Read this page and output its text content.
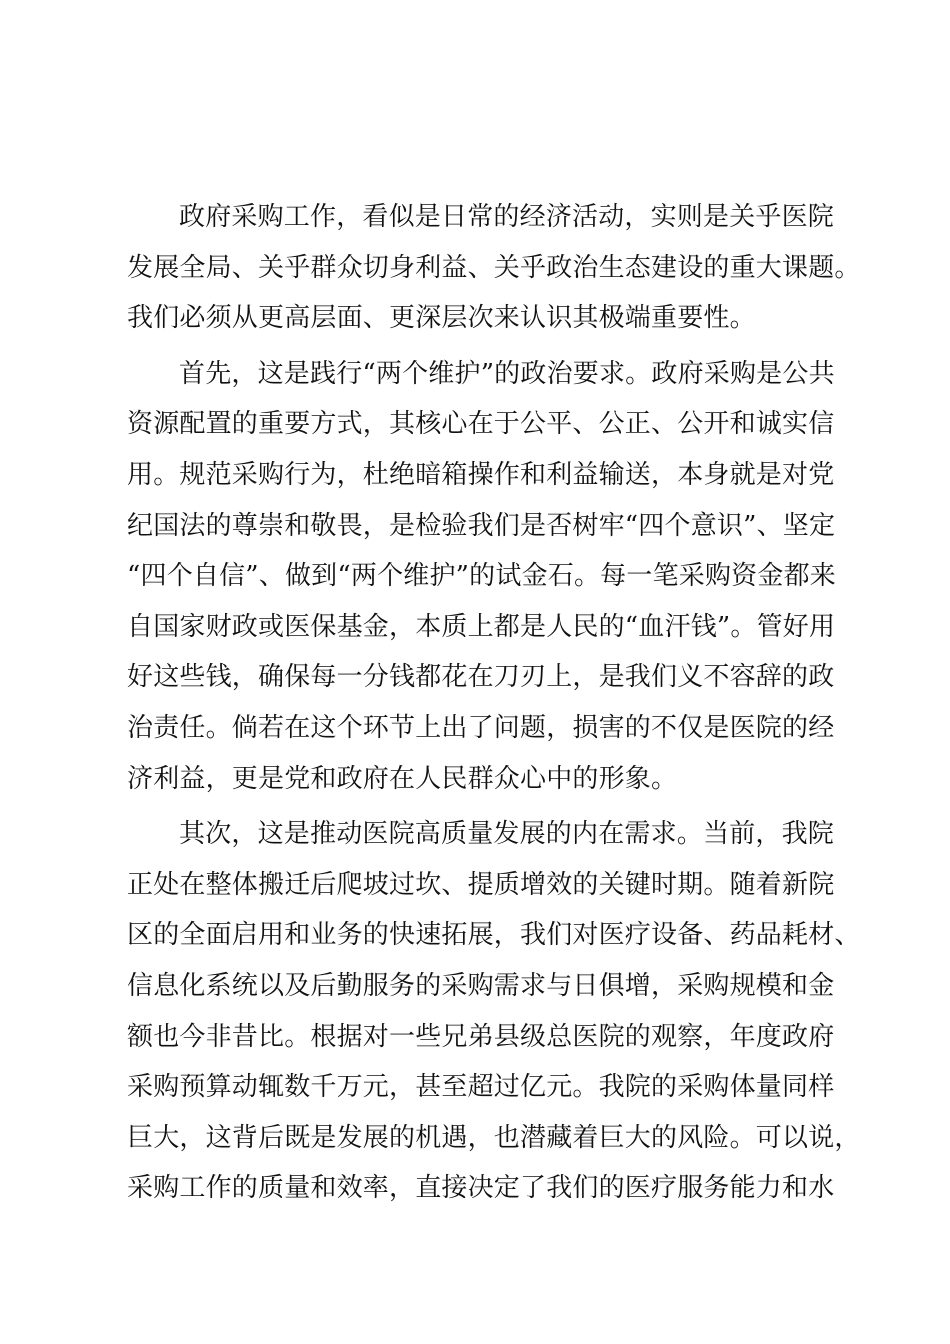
政府采购工作，看似是日常的经济活动，实则是关乎医院
发展全局、关乎群众切身利益、关乎政治生态建设的重大课题。
我们必须从更高层面、更深层次来认识其极端重要性。
首先，这是践行“两个维护”的政治要求。政府采购是公共
资源配置的重要方式，其核心在于公平、公正、公开和诚实信
用。规范采购行为，杜绝暗箱操作和利益输送，本身就是对党
纪国法的尊崇和敬畏，是检验我们是否树牢“四个意识”、坚定
“四个自信”、做到“两个维护”的试金石。每一笔采购资金都来
自国家财政或医保基金，本质上都是人民的“血汗钱”。管好用
好这些钱，确保每一分钱都花在刀刃上，是我们义不容辞的政
治责任。倘若在这个环节上出了问题，损害的不仅是医院的经
济利益，更是党和政府在人民群众心中的形象。
其次，这是推动医院高质量发展的内在需求。当前，我院
正处在整体搬迁后爬坡过坎、提质增效的关键时期。随着新院
区的全面启用和业务的快速拓展，我们对医疗设备、药品耗材、
信息化系统以及后勤服务的采购需求与日俱增，采购规模和金
额也今非昔比。根据对一些兄弟县级总医院的观察，年度政府
采购预算动辄数千万元，甚至超过亿元。我院的采购体量同样
巨大，这背后既是发展的机遇，也潜藏着巨大的风险。可以说，
采购工作的质量和效率，直接决定了我们的医疗服务能力和水
